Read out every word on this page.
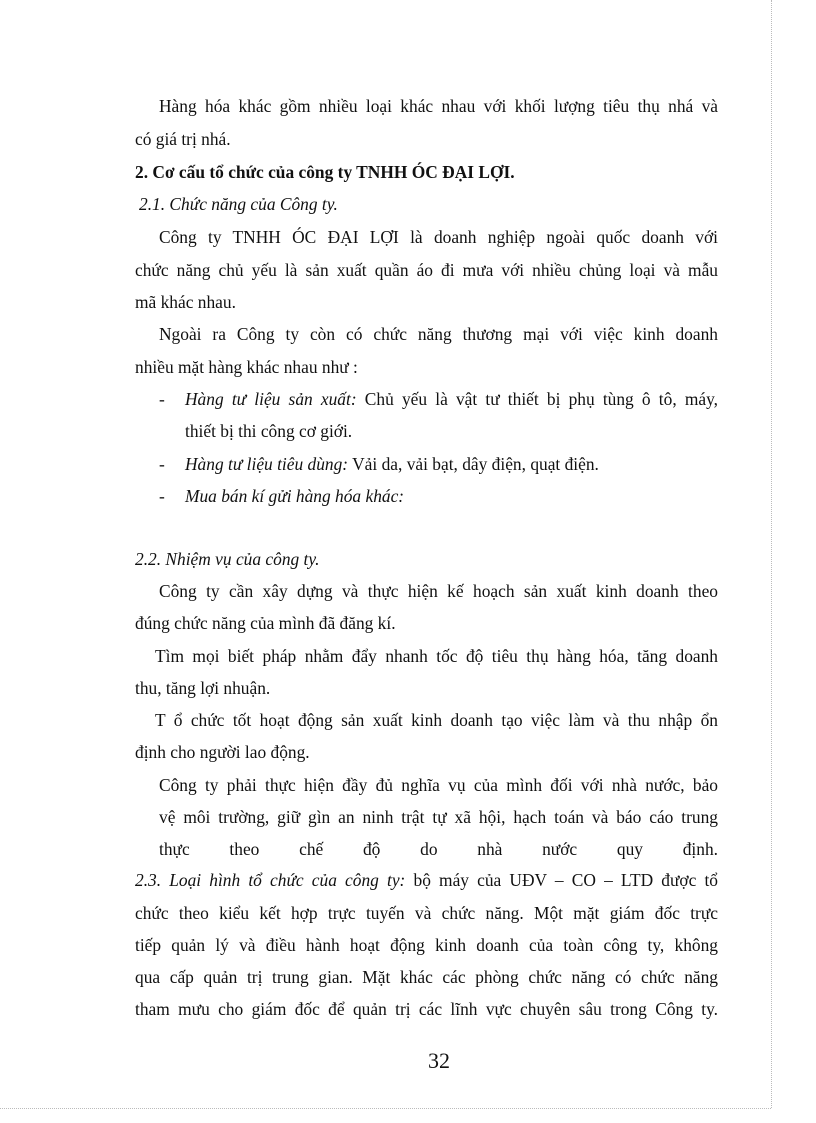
Hàng hóa khác gồm nhiều loại khác nhau với khối lượng tiêu thụ nhá và
có giá trị nhá.
2. Cơ cấu tổ chức của công ty TNHH ÓC ĐẠI LỢI.
2.1. Chức năng của Công ty.
Công ty TNHH ÓC ĐẠI LỢI là doanh nghiệp ngoài quốc doanh với
chức năng chủ yếu là sản xuất quần áo đi mưa với nhiều chủng loại và mẫu
mã khác nhau.
Ngoài ra Công ty còn có chức năng thương mại với việc kinh doanh
nhiều mặt hàng khác nhau như :
- Hàng tư liệu sản xuất: Chủ yếu là vật tư thiết bị phụ tùng ô tô, máy,
thiết bị thi công cơ giới.
- Hàng tư liệu tiêu dùng: Vải da, vải bạt, dây điện, quạt điện.
- Mua bán kí gửi hàng hóa khác:
2.2. Nhiệm vụ của công ty.
Công ty cần xây dựng và thực hiện kế hoạch sản xuất kinh doanh theo
đúng chức năng của mình đã đăng kí.
Tìm mọi biết pháp nhằm đẩy nhanh tốc độ tiêu thụ hàng hóa, tăng doanh
thu, tăng lợi nhuận.
T ổ chức tốt hoạt động sản xuất kinh doanh tạo việc làm và thu nhập ổn
định cho người lao động.
Công ty phải thực hiện đầy đủ nghĩa vụ của mình đối với nhà nước, bảo
vệ môi trường, giữ gìn an ninh trật tự xã hội, hạch toán và báo cáo trung
thực theo chế độ do nhà nước quy định.
2.3. Loại hình tổ chức của công ty: bộ máy của UĐV – CO – LTD được tổ
chức theo kiểu kết hợp trực tuyến và chức năng. Một mặt giám đốc trực
tiếp quản lý và điều hành hoạt động kinh doanh của toàn công ty, không
qua cấp quản trị trung gian. Mặt khác các phòng chức năng có chức năng
tham mưu cho giám đốc để quản trị các lĩnh vực chuyên sâu trong Công ty.
32
